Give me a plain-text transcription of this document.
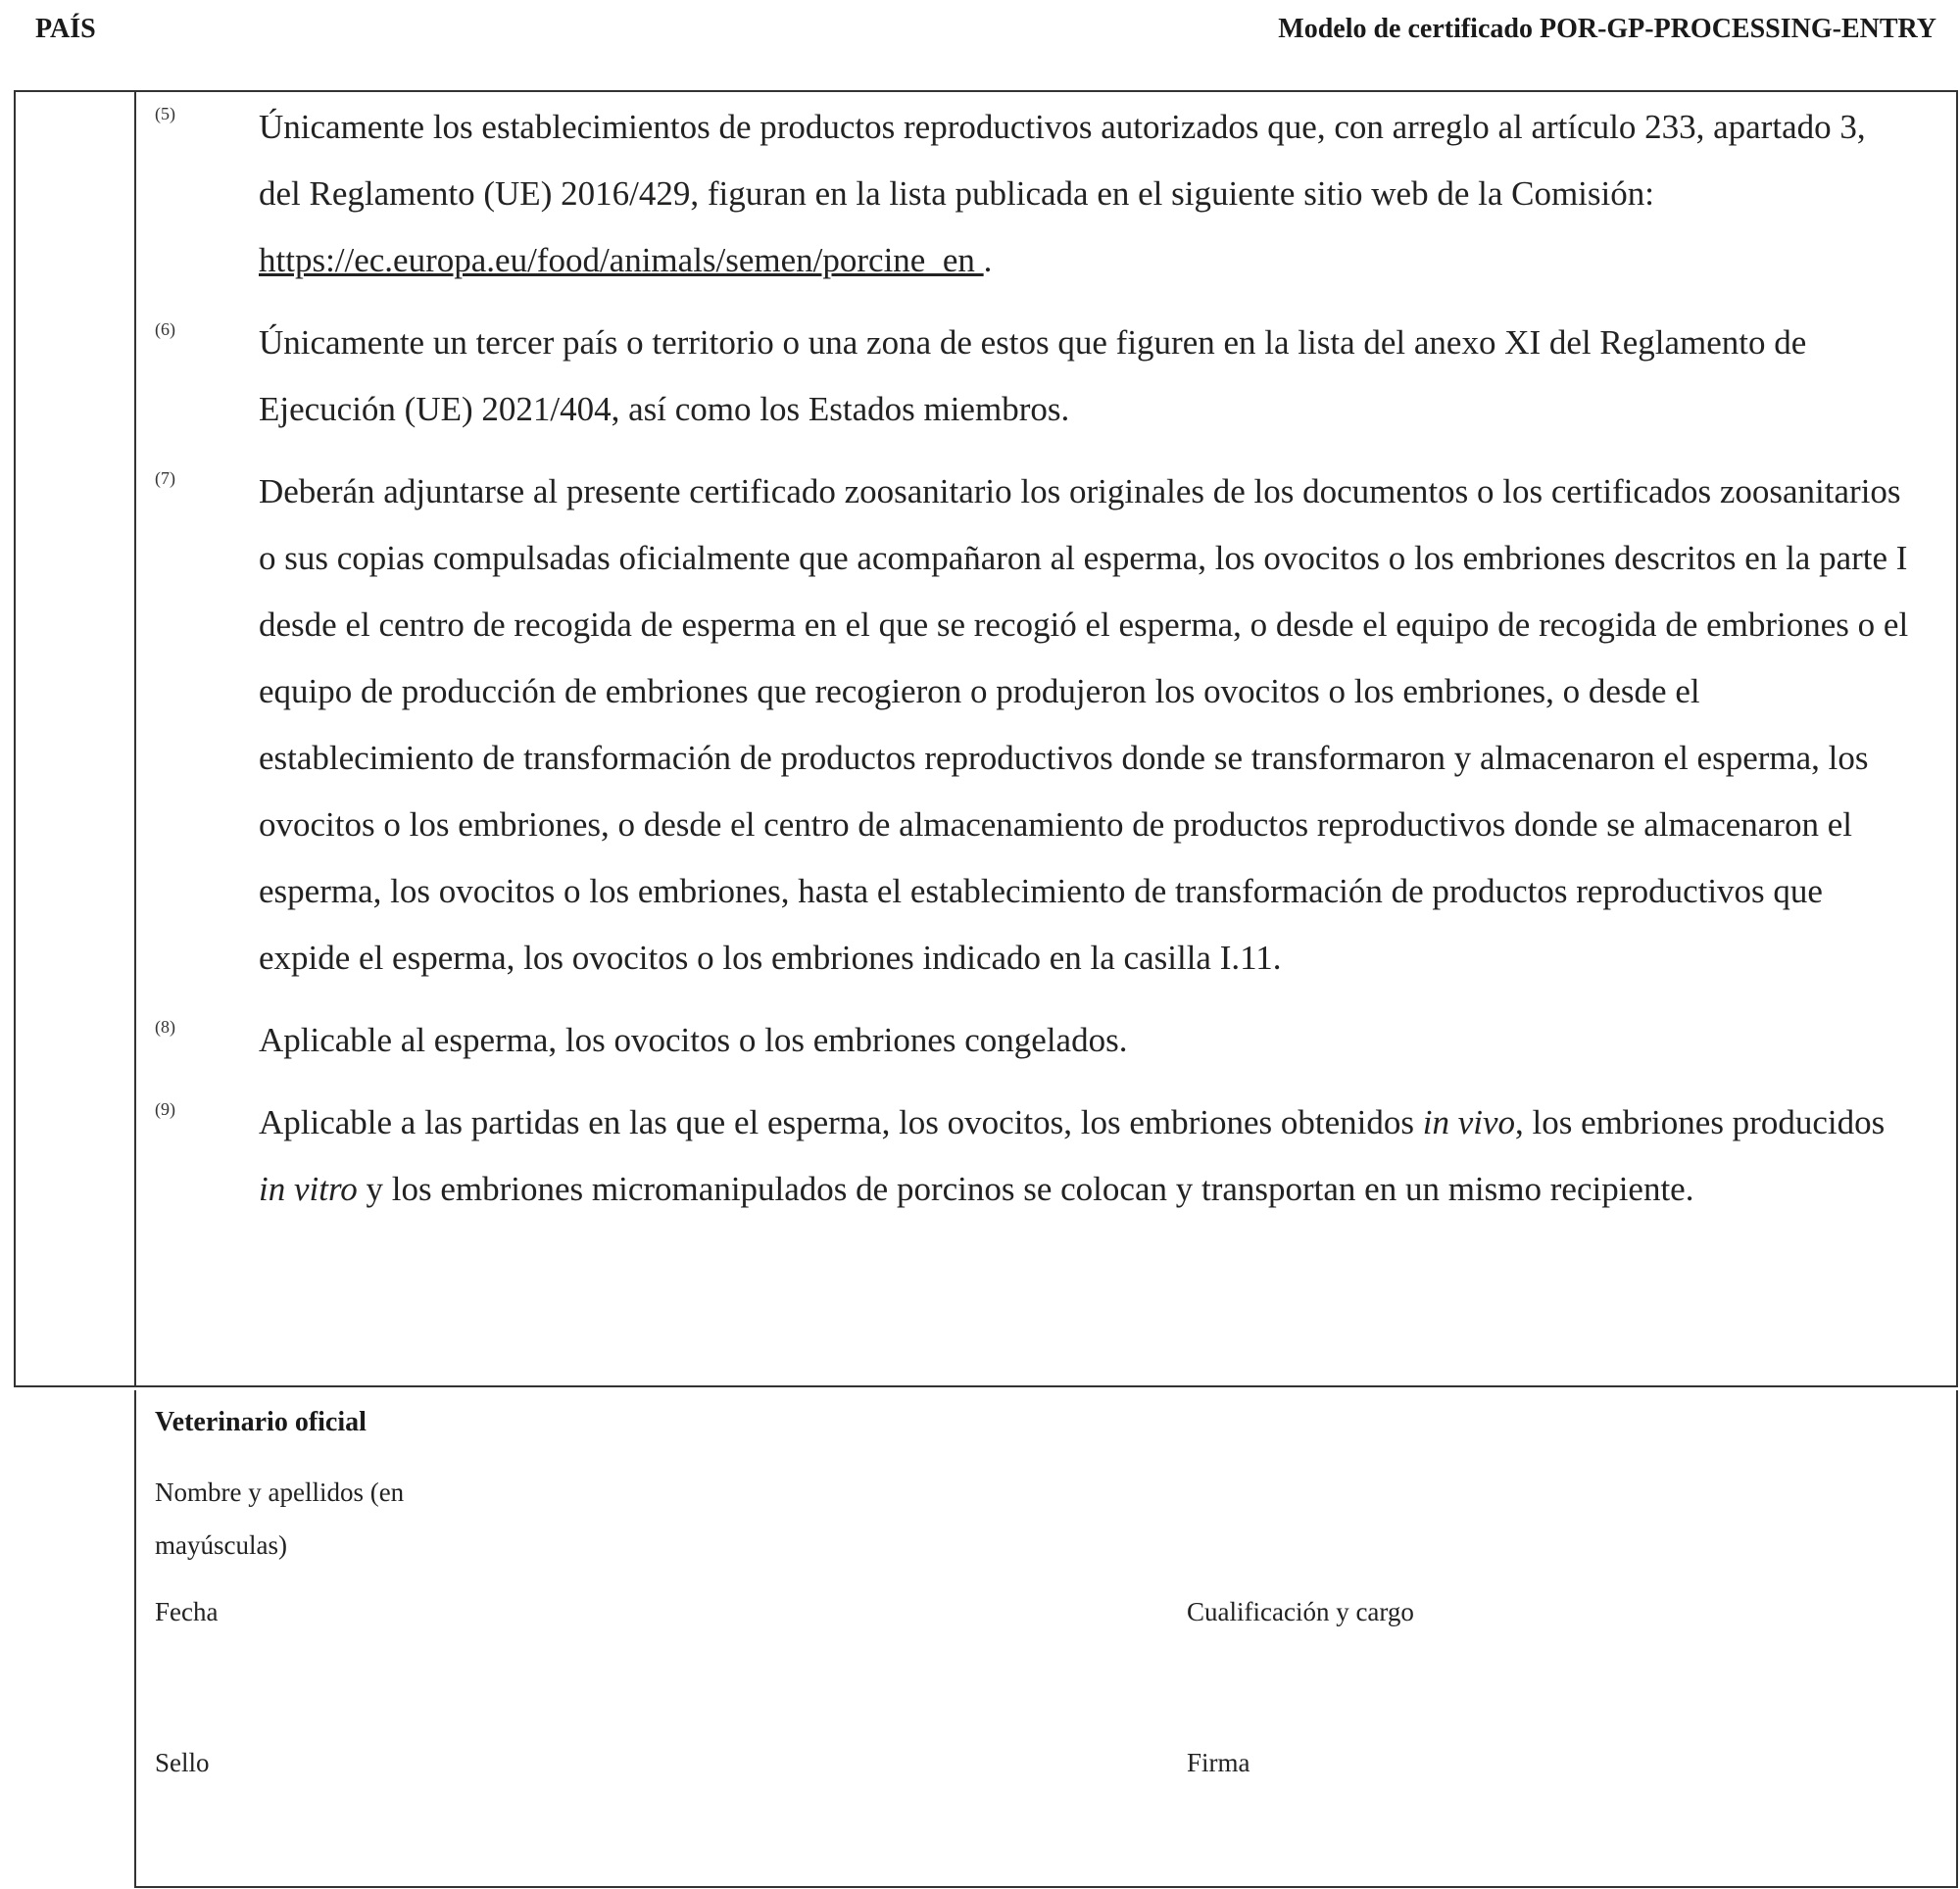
PAÍS	Modelo de certificado POR-GP-PROCESSING-ENTRY
(5) Únicamente los establecimientos de productos reproductivos autorizados que, con arreglo al artículo 233, apartado 3, del Reglamento (UE) 2016/429, figuran en la lista publicada en el siguiente sitio web de la Comisión: https://ec.europa.eu/food/animals/semen/porcine_en .
(6) Únicamente un tercer país o territorio o una zona de estos que figuren en la lista del anexo XI del Reglamento de Ejecución (UE) 2021/404, así como los Estados miembros.
(7) Deberán adjuntarse al presente certificado zoosanitario los originales de los documentos o los certificados zoosanitarios o sus copias compulsadas oficialmente que acompañaron al esperma, los ovocitos o los embriones descritos en la parte I desde el centro de recogida de esperma en el que se recogió el esperma, o desde el equipo de recogida de embriones o el equipo de producción de embriones que recogieron o produjeron los ovocitos o los embriones, o desde el establecimiento de transformación de productos reproductivos donde se transformaron y almacenaron el esperma, los ovocitos o los embriones, o desde el centro de almacenamiento de productos reproductivos donde se almacenaron el esperma, los ovocitos o los embriones, hasta el establecimiento de transformación de productos reproductivos que expide el esperma, los ovocitos o los embriones indicado en la casilla I.11.
(8) Aplicable al esperma, los ovocitos o los embriones congelados.
(9) Aplicable a las partidas en las que el esperma, los ovocitos, los embriones obtenidos in vivo, los embriones producidos in vitro y los embriones micromanipulados de porcinos se colocan y transportan en un mismo recipiente.
Veterinario oficial
Nombre y apellidos (en mayúsculas)
Fecha	Cualificación y cargo
Sello	Firma
